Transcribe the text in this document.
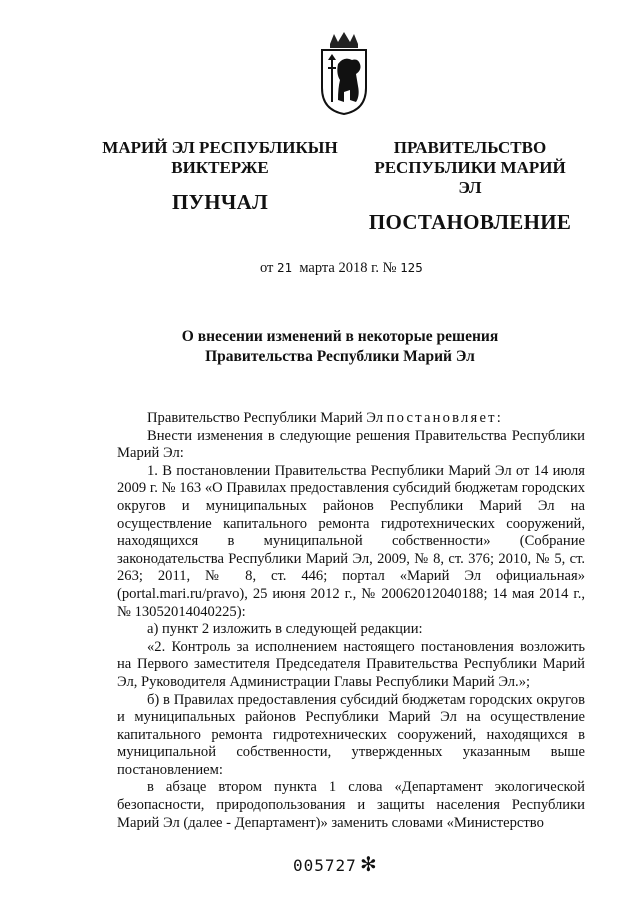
МАРИЙ ЭЛ РЕСПУБЛИКЫН
ВИКТЕРЖЕ
ПУНЧАЛ
ПРАВИТЕЛЬСТВО
РЕСПУБЛИКИ МАРИЙ ЭЛ
ПОСТАНОВЛЕНИЕ
от 21 марта 2018 г. № 125
О внесении изменений в некоторые решения
Правительства Республики Марий Эл

Правительство Республики Марий Эл постановляет:

Внести изменения в следующие решения Правительства Республики Марий Эл:

1. В постановлении Правительства Республики Марий Эл от 14 июля 2009 г. № 163 «О Правилах предоставления субсидий бюджетам городских округов и муниципальных районов Республики Марий Эл на осуществление капитального ремонта гидротехнических сооружений, находящихся в муниципальной собственности» (Собрание законодательства Республики Марий Эл, 2009, № 8, ст. 376; 2010, № 5, ст. 263; 2011, № 8, ст. 446; портал «Марий Эл официальная» (portal.mari.ru/pravo), 25 июня 2012 г., № 20062012040188; 14 мая 2014 г., № 13052014040225):

а) пункт 2 изложить в следующей редакции:

«2. Контроль за исполнением настоящего постановления возложить на Первого заместителя Председателя Правительства Республики Марий Эл, Руководителя Администрации Главы Республики Марий Эл.»;

б) в Правилах предоставления субсидий бюджетам городских округов и муниципальных районов Республики Марий Эл на осуществление капитального ремонта гидротехнических сооружений, находящихся в муниципальной собственности, утвержденных указанным выше постановлением:

в абзаце втором пункта 1 слова «Департамент экологической безопасности, природопользования и защиты населения Республики Марий Эл (далее - Департамент)» заменить словами «Министерство

005727 ✻
